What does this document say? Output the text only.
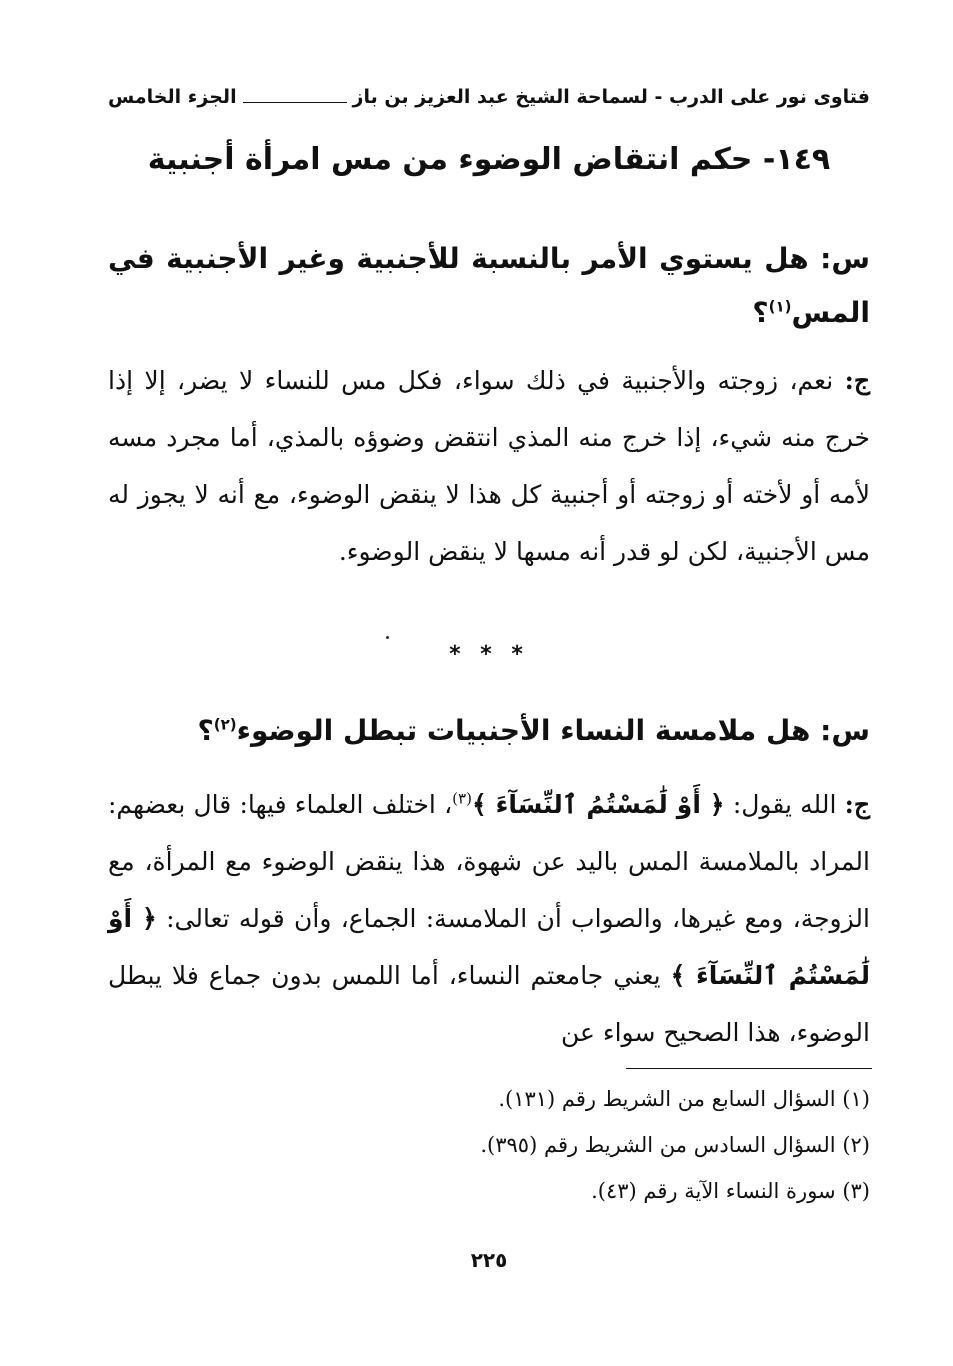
فتاوى نور على الدرب - لسماحة الشيخ عبد العزيز بن باز
الجزء الخامس
١٤٩- حكم انتقاض الوضوء من مس امرأة أجنبية
س: هل يستوي الأمر بالنسبة للأجنبية وغير الأجنبية في المس$^{(١)}$؟
ج: نعم، زوجته والأجنبية في ذلك سواء، فكل مس للنساء لا يضر، إلا إذا خرج منه شيء، إذا خرج منه المذي انتقض وضوؤه بالمذي، أما مجرد مسه لأمه أو لأخته أو زوجته أو أجنبية كل هذا لا ينقض الوضوء، مع أنه لا يجوز له مس الأجنبية، لكن لو قدر أنه مسها لا ينقض الوضوء.
* * *
س: هل ملامسة النساء الأجنبيات تبطل الوضوء$^{(٢)}$؟
ج: الله يقول: ﴿ أَوْ لَٰمَسْتُمُ ٱلنِّسَآءَ ﴾$^{(٣)}$، اختلف العلماء فيها: قال بعضهم: المراد بالملامسة المس باليد عن شهوة، هذا ينقض الوضوء مع المرأة، مع الزوجة، ومع غيرها، والصواب أن الملامسة: الجماع، وأن قوله تعالى: ﴿ أَوْ لَٰمَسْتُمُ ٱلنِّسَآءَ ﴾ يعني جامعتم النساء، أما اللمس بدون جماع فلا يبطل الوضوء، هذا الصحيح سواء عن
(١) السؤال السابع من الشريط رقم (١٣١).
(٢) السؤال السادس من الشريط رقم (٣٩٥).
(٣) سورة النساء الآية رقم (٤٣).
٢٢٥
